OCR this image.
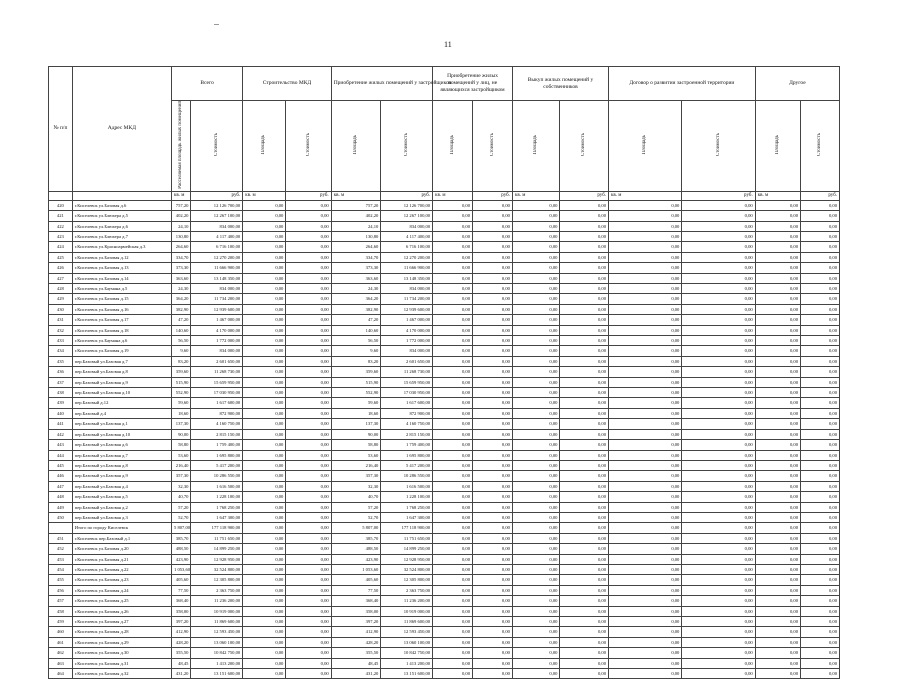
11
№ п/п	Адрес МКД	Всего		Строительство МКД		Приобретение жилых помещений у застройщиков		Приобретение жилых помещений у лиц, не являющихся застройщиком		Выкуп жилых помещений у собственников		Договор о развитии застроенной территории		Другое	
		Расселяемая площадь жилых помещений	Стоимость	Площадь	Стоимость	Площадь	Стоимость	Площадь	Стоимость	Площадь	Стоимость	Площадь	Стоимость	Площадь	Стоимость
		кв. м	руб.	кв. м	руб.	кв. м	руб.	кв. м	руб.	кв. м	руб.	кв. м	руб.	кв. м	руб.
420	г.Киселевск ул.Базовая д.6	757,20	12 126 700,00	0,00	0,00	757,20	12 126 700,00	0,00	0,00	0,00	0,00	0,00	0,00	0,00	0,00
421	г.Киселевск ул.Блюхера д.5	402,20	12 267 100,00	0,00	0,00	402,20	12 267 100,00	0,00	0,00	0,00	0,00	0,00	0,00	0,00	0,00
422	г.Киселевск ул.Блюхера д.6	24,10	834 000,00	0,00	0,00	24,10	834 000,00	0,00	0,00	0,00	0,00	0,00	0,00	0,00	0,00
423	г.Киселевск ул.Блюхера д.7	130,80	4 117 400,00	0,00	0,00	130,80	4 117 400,00	0,00	0,00	0,00	0,00	0,00	0,00	0,00	0,00
424	г.Киселевск ул.Красноармейская д.3	264,60	6 716 100,00	0,00	0,00	264,60	6 716 100,00	0,00	0,00	0,00	0,00	0,00	0,00	0,00	0,00
425	г.Киселевск ул.Базовая д.12	334,70	12 270 200,00	0,00	0,00	334,70	12 270 200,00	0,00	0,00	0,00	0,00	0,00	0,00	0,00	0,00
426	г.Киселевск ул.Базовая д.13	373,30	11 666 900,00	0,00	0,00	373,30	11 666 900,00	0,00	0,00	0,00	0,00	0,00	0,00	0,00	0,00
427	г.Киселевск ул.Базовая д.14	363,60	13 148 350,00	0,00	0,00	363,60	13 148 350,00	0,00	0,00	0,00	0,00	0,00	0,00	0,00	0,00
428	г.Киселевск ул.Баумана д.5	24,30	834 000,00	0,00	0,00	24,30	834 000,00	0,00	0,00	0,00	0,00	0,00	0,00	0,00	0,00
429	г.Киселевск ул.Базовая д.15	364,20	11 734 200,00	0,00	0,00	364,20	11 734 200,00	0,00	0,00	0,00	0,00	0,00	0,00	0,00	0,00
430	г.Киселевск ул.Базовая д.16	382,90	12 939 600,00	0,00	0,00	382,90	12 939 600,00	0,00	0,00	0,00	0,00	0,00	0,00	0,00	0,00
431	г.Киселевск ул.Базовая д.17	47,20	1 467 000,00	0,00	0,00	47,20	1 467 000,00	0,00	0,00	0,00	0,00	0,00	0,00	0,00	0,00
432	г.Киселевск ул.Базовая д.18	140,60	4 170 000,00	0,00	0,00	140,60	4 170 000,00	0,00	0,00	0,00	0,00	0,00	0,00	0,00	0,00
433	г.Киселевск ул.Баумана д.6	56,50	1 772 000,00	0,00	0,00	56,50	1 772 000,00	0,00	0,00	0,00	0,00	0,00	0,00	0,00	0,00
434	г.Киселевск ул.Базовая д.19	9,60	834 000,00	0,00	0,00	9,60	834 000,00	0,00	0,00	0,00	0,00	0,00	0,00	0,00	0,00
435	пер.Базовый ул.Базовая д.7	83,20	2 601 650,00	0,00	0,00	83,20	2 601 650,00	0,00	0,00	0,00	0,00	0,00	0,00	0,00	0,00
436	пер.Базовый ул.Базовая д.8	359,60	11 268 730,00	0,00	0,00	359,60	11 268 730,00	0,00	0,00	0,00	0,00	0,00	0,00	0,00	0,00
437	пер.Базовый ул.Базовая д.9	515,90	15 659 950,00	0,00	0,00	515,90	15 659 950,00	0,00	0,00	0,00	0,00	0,00	0,00	0,00	0,00
438	пер.Базовый ул.Базовая д.10	552,90	17 030 950,00	0,00	0,00	552,90	17 030 950,00	0,00	0,00	0,00	0,00	0,00	0,00	0,00	0,00
439	пер.Базовый д.12	59,60	1 617 600,00	0,00	0,00	59,60	1 617 600,00	0,00	0,00	0,00	0,00	0,00	0,00	0,00	0,00
440	пер.Базовый д.4	18,60	872 900,00	0,00	0,00	18,60	872 900,00	0,00	0,00	0,00	0,00	0,00	0,00	0,00	0,00
441	пер.Базовый ул.Базовая д.1	137,30	4 160 750,00	0,00	0,00	137,30	4 160 750,00	0,00	0,00	0,00	0,00	0,00	0,00	0,00	0,00
442	пер.Базовый ул.Базовая д.10	90,00	2 815 150,00	0,00	0,00	90,00	2 815 150,00	0,00	0,00	0,00	0,00	0,00	0,00	0,00	0,00
443	пер.Базовый ул.Базовая д.6	58,80	1 759 400,00	0,00	0,00	58,80	1 759 400,00	0,00	0,00	0,00	0,00	0,00	0,00	0,00	0,00
444	пер.Базовый ул.Базовая д.7	53,60	1 695 800,00	0,00	0,00	53,60	1 695 800,00	0,00	0,00	0,00	0,00	0,00	0,00	0,00	0,00
445	пер.Базовый ул.Базовая д.8	216,40	5 417 200,00	0,00	0,00	216,40	5 417 200,00	0,00	0,00	0,00	0,00	0,00	0,00	0,00	0,00
446	пер.Базовый ул.Базовая д.9	357,30	10 286 550,00	0,00	0,00	357,30	10 286 550,00	0,00	0,00	0,00	0,00	0,00	0,00	0,00	0,00
447	пер.Базовый ул.Базовая д.4	32,30	1 616 500,00	0,00	0,00	32,30	1 616 500,00	0,00	0,00	0,00	0,00	0,00	0,00	0,00	0,00
448	пер.Базовый ул.Базовая д.5	40,70	1 228 100,00	0,00	0,00	40,70	1 228 100,00	0,00	0,00	0,00	0,00	0,00	0,00	0,00	0,00
449	пер.Базовый ул.Базовая д.2	57,20	1 768 250,00	0,00	0,00	57,20	1 768 250,00	0,00	0,00	0,00	0,00	0,00	0,00	0,00	0,00
450	пер.Базовый ул.Базовая д.3	52,70	1 647 300,00	0,00	0,00	52,70	1 647 300,00	0,00	0,00	0,00	0,00	0,00	0,00	0,00	0,00
	Итого по городу Киселевск	5 807,00	177 118 900,00	0,00	0,00	5 807,00	177 118 900,00	0,00	0,00	0,00	0,00	0,00	0,00	0,00	0,00
451	г.Киселевск пер.Базовый д.1	385,70	11 751 650,00	0,00	0,00	385,70	11 751 650,00	0,00	0,00	0,00	0,00	0,00	0,00	0,00	0,00
452	г.Киселевск ул.Базовая д.20	488,50	14 899 250,00	0,00	0,00	488,50	14 899 250,00	0,00	0,00	0,00	0,00	0,00	0,00	0,00	0,00
453	г.Киселевск ул.Базовая д.21	423,90	12 928 950,00	0,00	0,00	423,90	12 928 950,00	0,00	0,00	0,00	0,00	0,00	0,00	0,00	0,00
454	г.Киселевск ул.Базовая д.22	1 053,60	32 524 800,00	0,00	0,00	1 053,60	32 524 800,00	0,00	0,00	0,00	0,00	0,00	0,00	0,00	0,00
455	г.Киселевск ул.Базовая д.23	405,60	12 305 800,00	0,00	0,00	405,60	12 305 800,00	0,00	0,00	0,00	0,00	0,00	0,00	0,00	0,00
456	г.Киселевск ул.Базовая д.24	77,50	2 363 750,00	0,00	0,00	77,50	2 363 750,00	0,00	0,00	0,00	0,00	0,00	0,00	0,00	0,00
457	г.Киселевск ул.Базовая д.25	368,40	11 236 200,00	0,00	0,00	368,40	11 236 200,00	0,00	0,00	0,00	0,00	0,00	0,00	0,00	0,00
458	г.Киселевск ул.Базовая д.26	358,00	10 919 000,00	0,00	0,00	358,00	10 919 000,00	0,00	0,00	0,00	0,00	0,00	0,00	0,00	0,00
459	г.Киселевск ул.Базовая д.27	397,20	11 869 600,00	0,00	0,00	397,20	11 869 600,00	0,00	0,00	0,00	0,00	0,00	0,00	0,00	0,00
460	г.Киселевск ул.Базовая д.28	412,90	12 593 450,00	0,00	0,00	412,90	12 593 450,00	0,00	0,00	0,00	0,00	0,00	0,00	0,00	0,00
461	г.Киселевск ул.Базовая д.29	428,20	13 060 100,00	0,00	0,00	428,20	13 060 100,00	0,00	0,00	0,00	0,00	0,00	0,00	0,00	0,00
462	г.Киселевск ул.Базовая д.30	355,50	10 842 750,00	0,00	0,00	355,50	10 842 750,00	0,00	0,00	0,00	0,00	0,00	0,00	0,00	0,00
463	г.Киселевск ул.Базовая д.31	48,45	1 413 200,00	0,00	0,00	48,45	1 413 200,00	0,00	0,00	0,00	0,00	0,00	0,00	0,00	0,00
464	г.Киселевск ул.Базовая д.32	431,20	13 151 600,00	0,00	0,00	431,20	13 151 600,00	0,00	0,00	0,00	0,00	0,00	0,00	0,00	0,00
